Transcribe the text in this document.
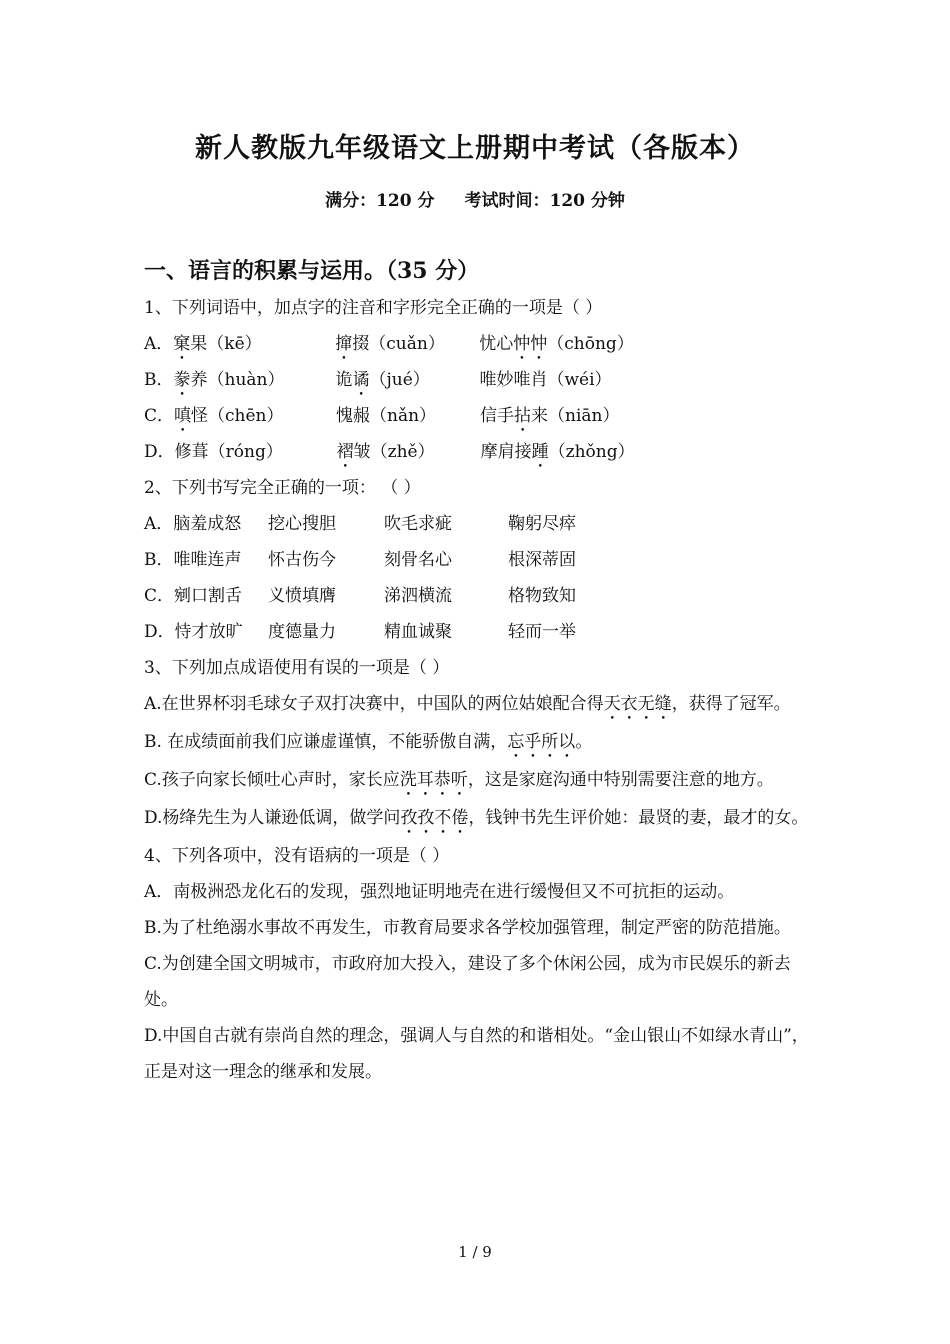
新人教版九年级语文上册期中考试（各版本）
满分：120 分 考试时间：120 分钟
一、语言的积累与运用。（35 分）
1、下列词语中，加点字的注音和字形完全正确的一项是（ ）
A．窠果（kē）	撺掇（cuǎn） 忧心忡忡（chōng）
B．豢养（huàn）	诡谲（jué）	唯妙唯肖（wéi）
C．嗔怪（chēn）	愧赧（nǎn）	信手拈来（niān）
D．修葺（róng）	褶皱（zhě）	摩肩接踵（zhǒng）
2、下列书写完全正确的一项： （ ）
A．脑羞成怒 挖心搜胆	吹毛求疵	鞠躬尽瘁
B．唯唯连声 怀古伤今	刻骨名心	根深蒂固
C．剜口割舌 义愤填膺	涕泗横流	格物致知
D．恃才放旷 度德量力	精血诚聚	轻而一举
3、下列加点成语使用有误的一项是（ ）
A.在世界杯羽毛球女子双打决赛中，中国队的两位姑娘配合得天衣无缝，获得了冠军。
B. 在成绩面前我们应谦虚谨慎，不能骄傲自满，忘乎所以。
C.孩子向家长倾吐心声时，家长应洗耳恭听，这是家庭沟通中特别需要注意的地方。
D.杨绛先生为人谦逊低调，做学问孜孜不倦，钱钟书先生评价她：最贤的妻，最才的女。
4、下列各项中，没有语病的一项是（ ）
A．南极洲恐龙化石的发现，强烈地证明地壳在进行缓慢但又不可抗拒的运动。
B.为了杜绝溺水事故不再发生，市教育局要求各学校加强管理，制定严密的防范措施。
C.为创建全国文明城市，市政府加大投入，建设了多个休闲公园，成为市民娱乐的新去处。
D.中国自古就有崇尚自然的理念，强调人与自然的和谐相处。“金山银山不如绿水青山”，正是对这一理念的继承和发展。
1 / 9
